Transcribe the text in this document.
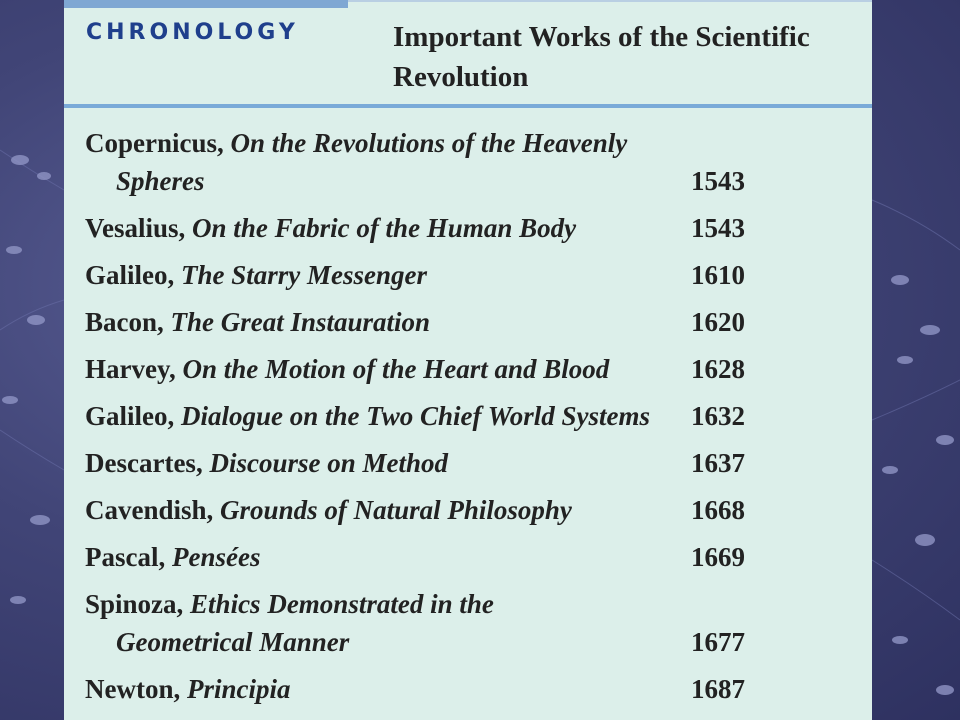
CHRONOLOGY	Important Works of the Scientific Revolution
Copernicus, On the Revolutions of the Heavenly Spheres	1543
Vesalius, On the Fabric of the Human Body	1543
Galileo, The Starry Messenger	1610
Bacon, The Great Instauration	1620
Harvey, On the Motion of the Heart and Blood	1628
Galileo, Dialogue on the Two Chief World Systems	1632
Descartes, Discourse on Method	1637
Cavendish, Grounds of Natural Philosophy	1668
Pascal, Pensées	1669
Spinoza, Ethics Demonstrated in the Geometrical Manner	1677
Newton, Principia	1687
